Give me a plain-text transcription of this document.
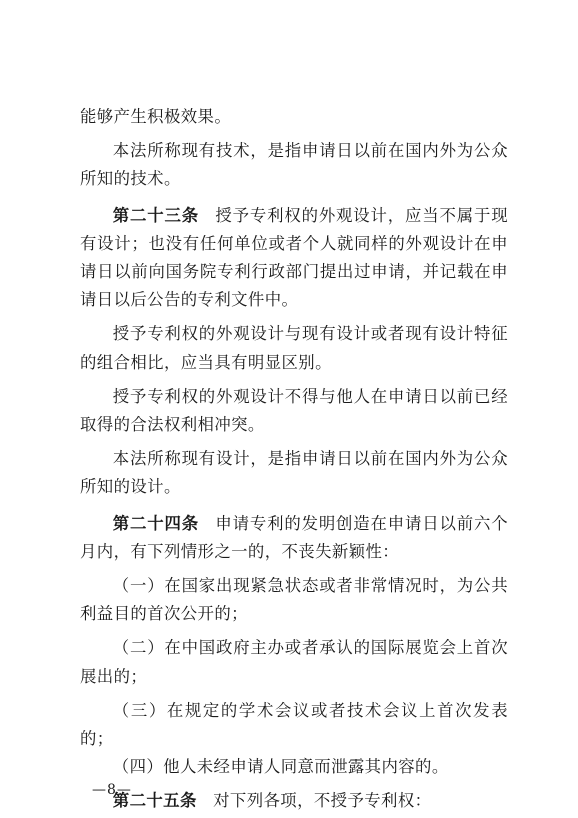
能够产生积极效果。

本法所称现有技术，是指申请日以前在国内外为公众所知的技术。

第二十三条 授予专利权的外观设计，应当不属于现有设计；也没有任何单位或者个人就同样的外观设计在申请日以前向国务院专利行政部门提出过申请，并记载在申请日以后公告的专利文件中。

授予专利权的外观设计与现有设计或者现有设计特征的组合相比，应当具有明显区别。

授予专利权的外观设计不得与他人在申请日以前已经取得的合法权利相冲突。

本法所称现有设计，是指申请日以前在国内外为公众所知的设计。

第二十四条 申请专利的发明创造在申请日以前六个月内，有下列情形之一的，不丧失新颖性：

（一）在国家出现紧急状态或者非常情况时，为公共利益目的首次公开的；

（二）在中国政府主办或者承认的国际展览会上首次展出的；

（三）在规定的学术会议或者技术会议上首次发表的；

（四）他人未经申请人同意而泄露其内容的。

第二十五条 对下列各项，不授予专利权：

—8—
